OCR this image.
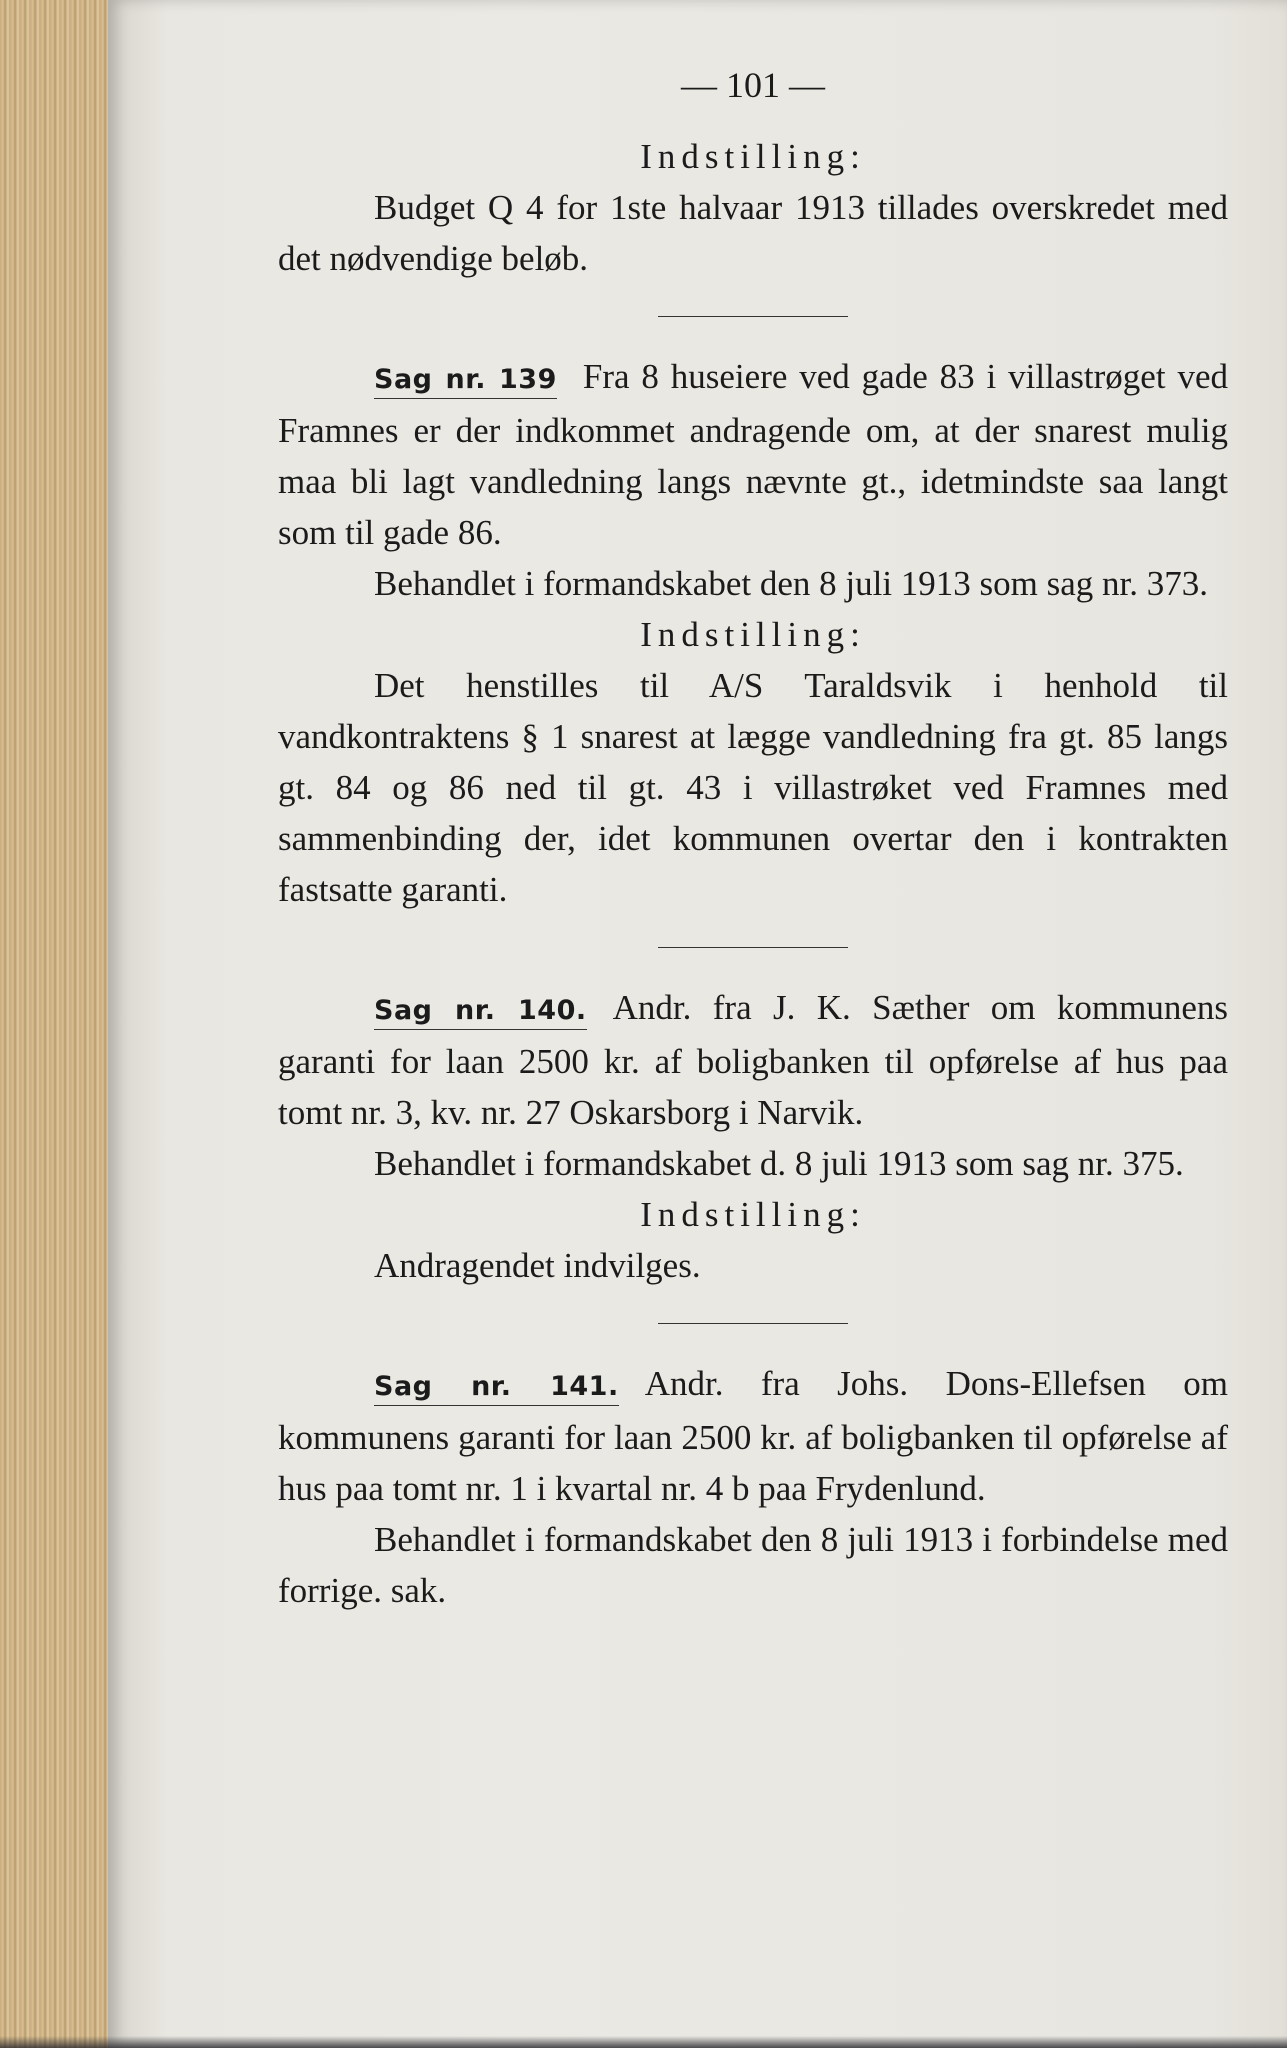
— 101 —

Indstilling:

Budget Q 4 for 1ste halvaar 1913 tillades overskredet med det nødvendige beløb.

Sag nr. 139 Fra 8 huseiere ved gade 83 i villastrøget ved Framnes er der indkommet andragende om, at der snarest mulig maa bli lagt vandledning langs nævnte gt., idetmindste saa langt som til gade 86.

Behandlet i formandskabet den 8 juli 1913 som sag nr. 373.

Indstilling:

Det henstilles til A/S Taraldsvik i henhold til vandkontraktens § 1 snarest at lægge vandledning fra gt. 85 langs gt. 84 og 86 ned til gt. 43 i villastrøket ved Framnes med sammenbinding der, idet kommunen overtar den i kontrakten fastsatte garanti.

Sag nr. 140. Andr. fra J. K. Sæther om kommunens garanti for laan 2500 kr. af boligbanken til opførelse af hus paa tomt nr. 3, kv. nr. 27 Oskarsborg i Narvik.

Behandlet i formandskabet d. 8 juli 1913 som sag nr. 375.

Indstilling:

Andragendet indvilges.

Sag nr. 141. Andr. fra Johs. Dons-Ellefsen om kommunens garanti for laan 2500 kr. af boligbanken til opførelse af hus paa tomt nr. 1 i kvartal nr. 4 b paa Frydenlund.

Behandlet i formandskabet den 8 juli 1913 i forbindelse med forrige. sak.
